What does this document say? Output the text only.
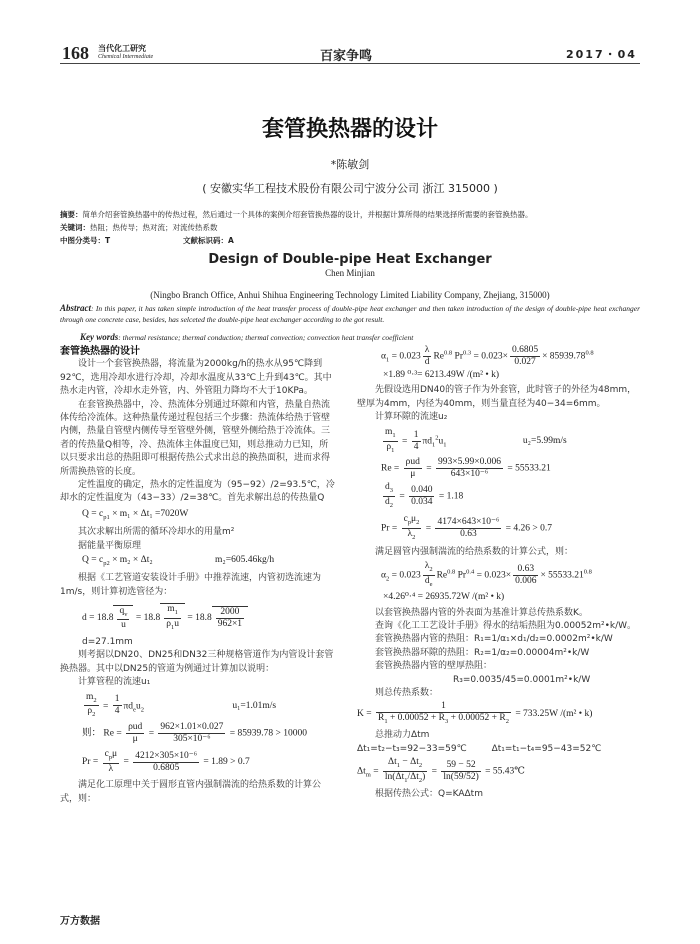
168 当代化工研究
Chemical Intermediate	百家争鸣	2017・04
套管换热器的设计
*陈敏剑
( 安徽实华工程技术股份有限公司宁波分公司 浙江 315000 )
摘要：简单介绍套管换热器中的传热过程，然后通过一个具体的案例介绍套管换热器的设计，并根据计算所得的结果选择所需要的套管换热器。
关键词：热阻；热传导；热对流；对流传热系数
中图分类号：T	文献标识码：A
Design of Double-pipe Heat Exchanger
Chen Minjian
(Ningbo Branch Office, Anhui Shihua Engineering Technology Limited Liability Company, Zhejiang, 315000)
Abstract: In this paper, it has taken simple introduction of the heat transfer process of double-pipe heat exchanger and then taken introduction of the design of double-pipe heat exchanger through one concrete case, besides, has selceted the double-pipe heat exchanger according to the got result.
Key words: thermal resistance; thermal conduction; thermal convection; convection heat transfer coefficient

套管换热器的设计

设计一个套管换热器，将流量为2000kg/h的热水从95℃降到92℃，选用冷却水进行冷却，冷却水温度从33℃上升到43℃。其中热水走内管，冷却水走外管，内、外管阻力降均不大于10KPa。

在套管换热器中，冷、热流体分别通过环隙和内管，热量自热流体传给冷流体。这种热量传递过程包括三个步骤：热流体给热于管壁内侧，热量自管壁内侧传导至管壁外侧，管壁外侧给热于冷流体。三者的传热量Q相等，冷、热流体主体温度已知，则总推动力已知，所以只要求出总的热阻即可根据传热公式求出总的换热面积，进而求得所需换热管的长度。

定性温度的确定，热水的定性温度为（95−92）/2=93.5℃，冷却水的定性温度为（43−33）/2=38℃。首先求解出总的传热量Q

$Q = c_{p1} \times m_1 \times \Delta t_1 =7020W$

其次求解出所需的循环冷却水的用量m²

据能量平衡原理

$Q = c_{p2} \times m_2 \times \Delta t_2$	m₂=605.46kg/h

根据《工艺管道安装设计手册》中推荐流速，内管初选流速为1m/s，则计算初选管径为：

$d = 18.8 \frac{q_v}{u} = 18.8 \frac{m_1}{\rho_1u} = 18.8 \frac{2000}{962\times 1}$

d=27.1mm

则考据以DN20、DN25和DN32三种规格管道作为内管设计套管换热器。其中以DN25的管道为例通过计算加以说明：

计算管程的流速u₁

$\frac{m_2}{\rho_2} = \frac{1}{4} \pi d_eu_2$	u₁=1.01m/s
则： $Re = \frac{\text{ρud}}{\mu} = \frac{962\times 1.01\times 0.027}{\text{305×10⁻⁶}} = 85939.78 > 10000$
$Pr = \frac{c_p\mu}{\lambda} = \frac{\text{4212×305×10⁻⁶}}{0.6805} = 1.89 > 0.7$

满足化工原理中关于圆形直管内强制湍流的给热系数的计算公式，则：

$\alpha_1 = 0.023 \frac{\lambda}{d} Re^{0.8}$ $Pr^{0.3} = 0.023\times \frac{0.6805}{0.027} \times 85939.78^{0.8}$
×1.89 ⁰·³= 6213.49W /(m² • k)

先假设选用DN40的管子作为外套管，此时管子的外径为48mm，壁厚为4mm，内径为40mm，则当量直径为40−34=6mm。

计算环隙的流速u₂

$\frac{m_1}{\rho_1} = \frac{1}{4} \pi d_1^2u_1$	u₂=5.99m/s
$Re = \frac{\text{ρud}}{\mu} = \frac{993\times 5.99\times 0.006}{\text{643×10⁻⁶}} = 55533.21$
$\frac{d_3}{d_2} = \frac{0.040}{0.034} = 1.18$
$Pr = \frac{c_p\mu_2}{\lambda_2} = \frac{\text{4174×643×10⁻⁶}}{0.63} = 4.26 > 0.7$

满足圆管内强制湍流的给热系数的计算公式，则：

$\alpha_2 = 0.023 \frac{\lambda_2}{d_e} Re^{0.8}$ $Pr^{0.4} = 0.023\times \frac{0.63}{0.006} \times 55533.21^{0.8}$
×4.26⁰·⁴ = 26935.72W /(m² • k)

以套管换热器内管的外表面为基准计算总传热系数K。

查询《化工工艺设计手册》得水的结垢热阻为0.00052m²•k/W。

套管换热器内管的热阻：R₁=1/α₁×d₁/d₂=0.0002m²•k/W

套管换热器环隙的热阻：R₂=1/α₂=0.00004m²•k/W

套管换热器内管的壁厚热阻：

R₃=0.0035/45=0.0001m²•k/W

则总传热系数：

$K = \frac{1}{R_1 + 0.00052 + R_3 + 0.00052 + R_2} = 733.25W$ /(m² • k)

总推动力Δtm

Δt₁=t₂−t₃=92−33=59℃	Δt₁=t₁−t₄=95−43=52℃

$\Delta t_m = \frac{\Delta t_1 - \Delta t_2}{\ln(\Delta t_1/\Delta t_2)} = \frac{59 - 52}{\ln(59/52)}$ = 55.43℃

根据传热公式：Q=KAΔtm

万方数据
